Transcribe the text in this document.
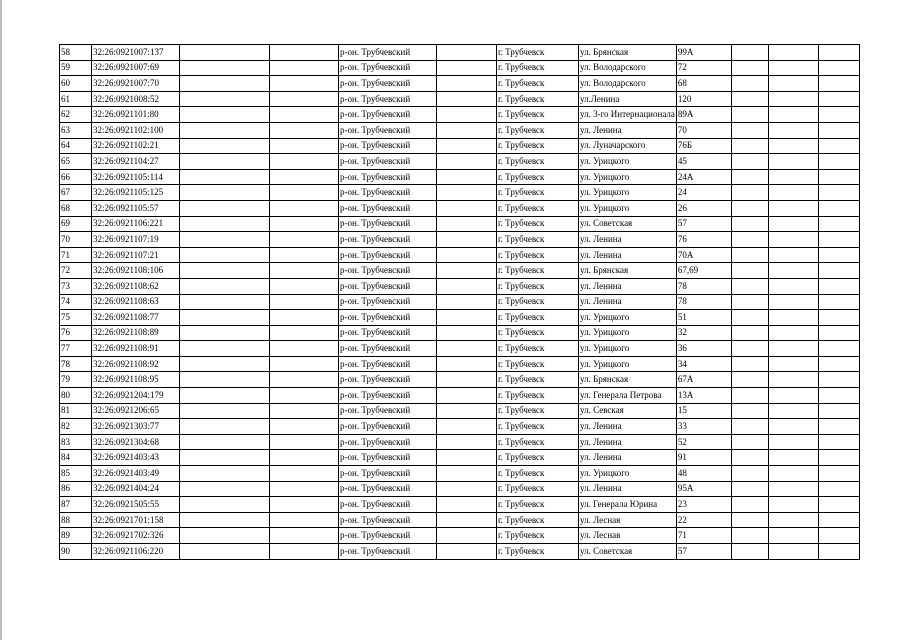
58	32:26:0921007:137			р-он. Трубчевский		г. Трубчевск	ул. Брянская	99А			
59	32:26:0921007:69			р-он. Трубчевский		г. Трубчевск	ул. Володарского	72			
60	32:26:0921007:70			р-он. Трубчевский		г. Трубчевск	ул. Володарского	68			
61	32:26:0921008:52			р-он. Трубчевский		г. Трубчевск	ул.Ленина	120			
62	32:26:0921101:80			р-он. Трубчевский		г. Трубчевск	ул. 3-го Интернационала	89А			
63	32:26:0921102:100			р-он. Трубчевский		г. Трубчевск	ул. Ленина	70			
64	32:26:0921102:21			р-он. Трубчевский		г. Трубчевск	ул. Луначарского	76Б			
65	32:26:0921104:27			р-он. Трубчевский		г. Трубчевск	ул. Урицкого	45			
66	32:26:0921105:114			р-он. Трубчевский		г. Трубчевск	ул. Урицкого	24А			
67	32:26:0921105:125			р-он. Трубчевский		г. Трубчевск	ул. Урицкого	24			
68	32:26:0921105:57			р-он. Трубчевский		г. Трубчевск	ул. Урицкого	26			
69	32:26:0921106:221			р-он. Трубчевский		г. Трубчевск	ул. Советская	57			
70	32:26:0921107:19			р-он. Трубчевский		г. Трубчевск	ул. Ленина	76			
71	32:26:0921107:21			р-он. Трубчевский		г. Трубчевск	ул. Ленина	70А			
72	32:26:0921108:106			р-он. Трубчевский		г. Трубчевск	ул. Брянская	67,69			
73	32:26:0921108:62			р-он. Трубчевский		г. Трубчевск	ул. Ленина	78			
74	32:26:0921108:63			р-он. Трубчевский		г. Трубчевск	ул. Ленина	78			
75	32:26:0921108:77			р-он. Трубчевский		г. Трубчевск	ул. Урицкого	51			
76	32:26:0921108:89			р-он. Трубчевский		г. Трубчевск	ул. Урицкого	32			
77	32:26:0921108:91			р-он. Трубчевский		г. Трубчевск	ул. Урицкого	36			
78	32:26:0921108:92			р-он. Трубчевский		г. Трубчевск	ул. Урицкого	34			
79	32:26:0921108:95			р-он. Трубчевский		г. Трубчевск	ул. Брянская	67А			
80	32:26:0921204:179			р-он. Трубчевский		г. Трубчевск	ул. Генерала Петрова	13А			
81	32:26:0921206:65			р-он. Трубчевский		г. Трубчевск	ул. Севская	15			
82	32:26:0921303:77			р-он. Трубчевский		г. Трубчевск	ул. Ленина	33			
83	32:26:0921304:68			р-он. Трубчевский		г. Трубчевск	ул. Ленина	52			
84	32:26:0921403:43			р-он. Трубчевский		г. Трубчевск	ул. Ленина	91			
85	32:26:0921403:49			р-он. Трубчевский		г. Трубчевск	ул. Урицкого	48			
86	32:26:0921404:24			р-он. Трубчевский		г. Трубчевск	ул. Ленина	95А			
87	32:26:0921505:55			р-он. Трубчевский		г. Трубчевск	ул. Генерала Юрина	23			
88	32:26:0921701:158			р-он. Трубчевский		г. Трубчевск	ул. Лесная	22			
89	32:26:0921702:326			р-он. Трубчевский		г. Трубчевск	ул. Лесная	71			
90	32:26:0921106:220			р-он. Трубчевский		г. Трубчевск	ул. Советская	57			
